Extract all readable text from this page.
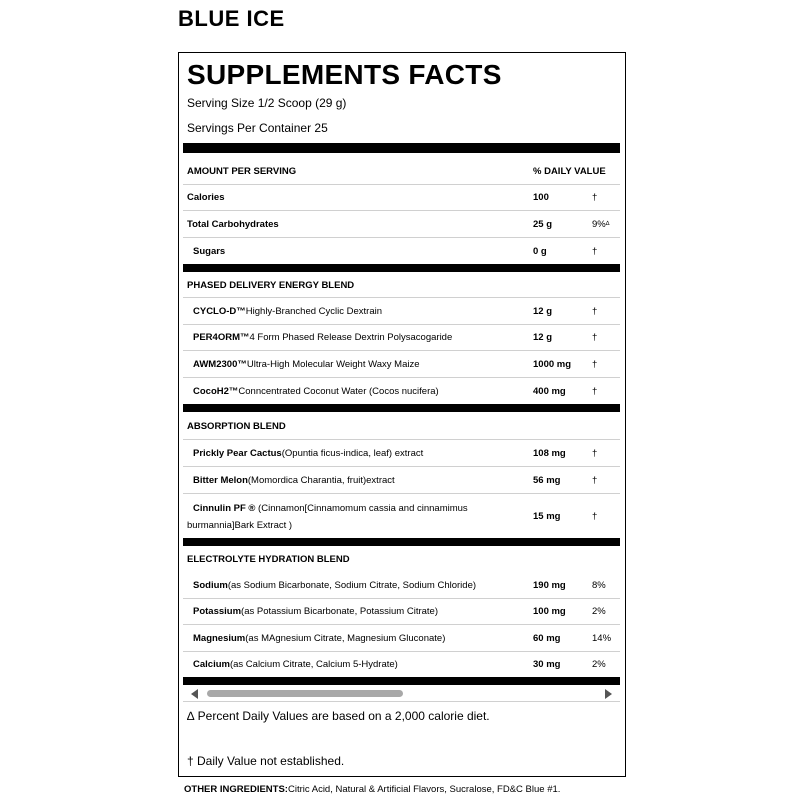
BLUE ICE
SUPPLEMENTS FACTS
Serving Size 1/2 Scoop (29 g)
Servings Per Container 25
AMOUNT PER SERVING	% DAILY VALUE
Calories	100	†
Total Carbohydrates	25 g	9% ∆
Sugars	0 g	†
PHASED DELIVERY ENERGY BLEND
CYCLO-D™ Highly-Branched Cyclic Dextrain	12 g	†
PER4ORM™ 4 Form Phased Release Dextrin Polysacogaride	12 g	†
AWM2300™ Ultra-High Molecular Weight Waxy Maize	1000 mg †
CocoH2™ Conncentrated Coconut Water (Cocos nucifera)	400 mg	†
ABSORPTION BLEND
Prickly Pear Cactus (Opuntia ficus-indica, leaf) extract	108 mg	†
Bitter Melon (Momordica Charantia, fruit)extract	56 mg	†
Cinnulin PF ® (Cinnamon[Cinnamomum cassia and cinnamimus burmannia]Bark Extract )
15 mg	†
ELECTROLYTE HYDRATION BLEND
Sodium (as Sodium Bicarbonate, Sodium Citrate, Sodium Chloride)	190 mg	8%
Potassium (as Potassium Bicarbonate, Potassium Citrate)	100 mg	2%
Magnesium (as MAgnesium Citrate, Magnesium Gluconate)	60 mg	14%
Calcium (as Calcium Citrate, Calcium 5-Hydrate)	30 mg	2%
∆ Percent Daily Values are based on a 2,000 calorie diet.
† Daily Value not established.
OTHER INGREDIENTS:Citric Acid, Natural & Artificial Flavors, Sucralose, FD&C Blue #1.
